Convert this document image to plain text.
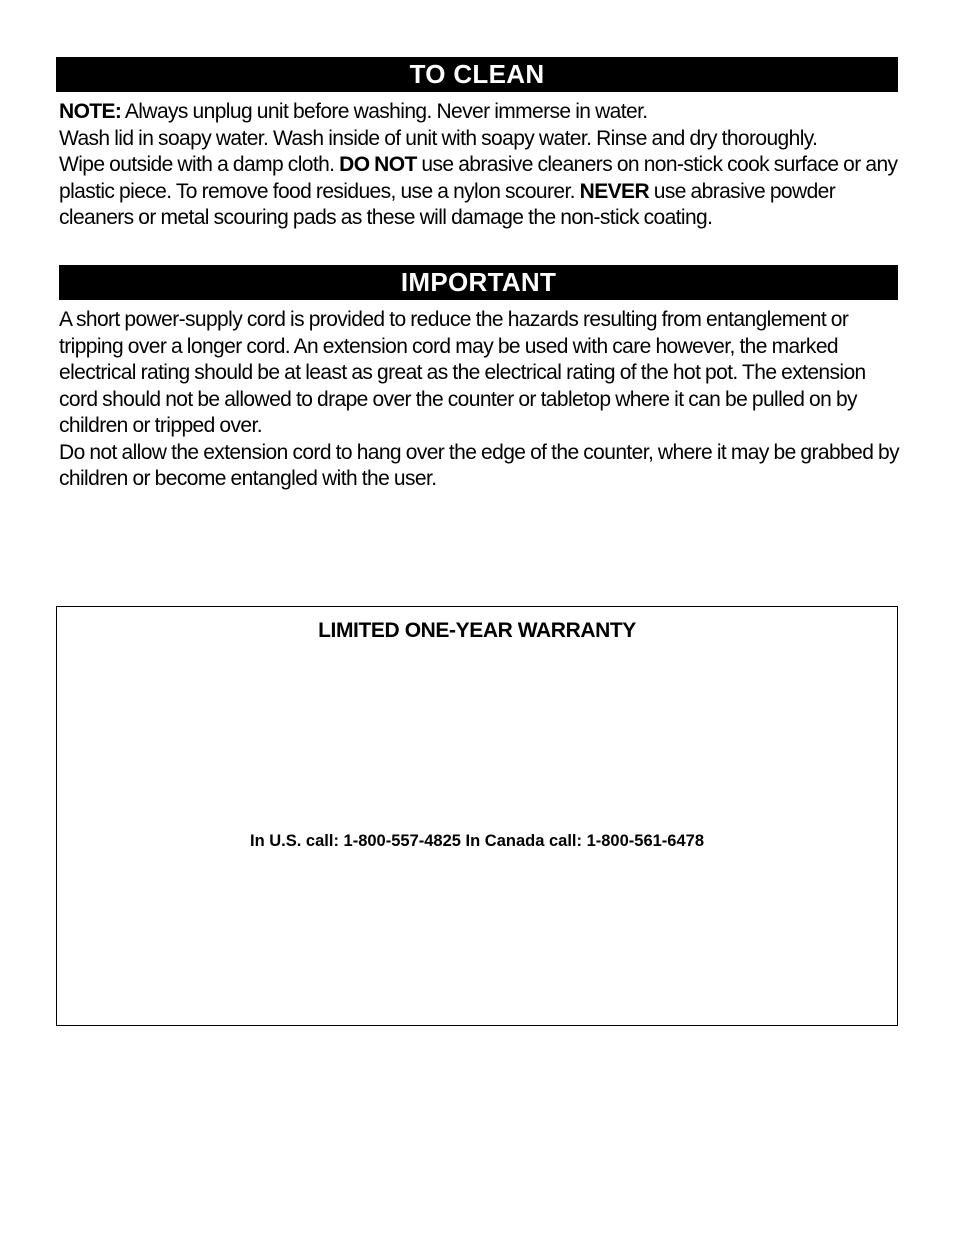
TO CLEAN

NOTE: Always unplug unit before washing. Never immerse in water.

Wash lid in soapy water. Wash inside of unit with soapy water. Rinse and dry thoroughly.

Wipe outside with a damp cloth. DO NOT use abrasive cleaners on non-stick cook surface or any plastic piece. To remove food residues, use a nylon scourer. NEVER use abrasive powder cleaners or metal scouring pads as these will damage the non-stick coating.

IMPORTANT

A short power-supply cord is provided to reduce the hazards resulting from entanglement or tripping over a longer cord. An extension cord may be used with care however, the marked electrical rating should be at least as great as the electrical rating of the hot pot. The extension cord should not be allowed to drape over the counter or tabletop where it can be pulled on by children or tripped over.

Do not allow the extension cord to hang over the edge of the counter, where it may be grabbed by children or become entangled with the user.

LIMITED ONE-YEAR WARRANTY
In U.S. call: 1-800-557-4825 In Canada call: 1-800-561-6478
